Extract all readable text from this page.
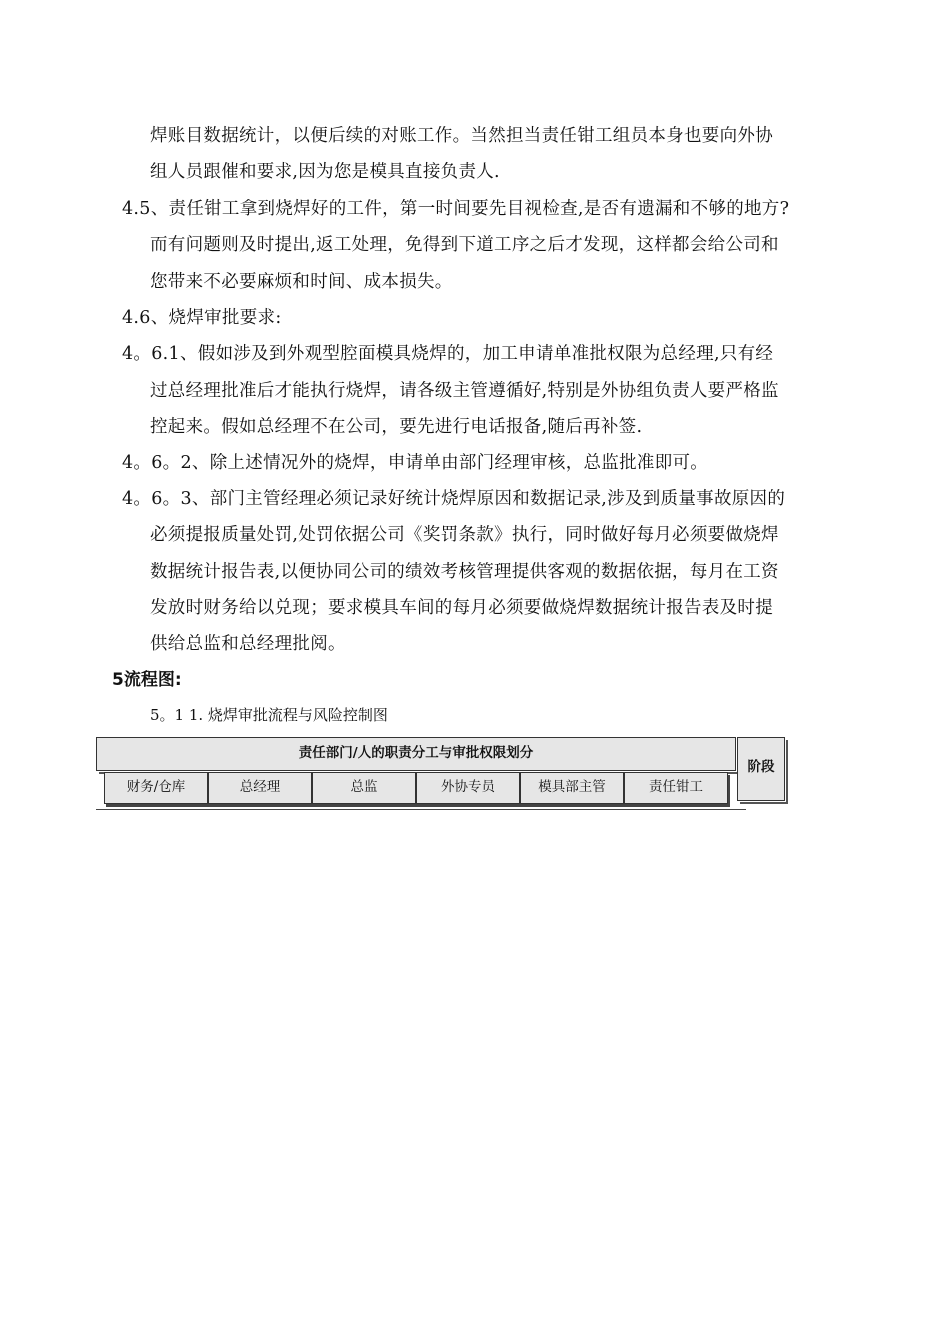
焊账目数据统计，以便后续的对账工作。当然担当责任钳工组员本身也要向外协
组人员跟催和要求,因为您是模具直接负责人.
4.5、责任钳工拿到烧焊好的工件，第一时间要先目视检查,是否有遗漏和不够的地方?
而有问题则及时提出,返工处理，免得到下道工序之后才发现，这样都会给公司和
您带来不必要麻烦和时间、成本损失。
4.6、烧焊审批要求:
4。6.1、假如涉及到外观型腔面模具烧焊的，加工申请单准批权限为总经理,只有经
过总经理批准后才能执行烧焊，请各级主管遵循好,特别是外协组负责人要严格监
控起来。假如总经理不在公司，要先进行电话报备,随后再补签.
4。6。2、除上述情况外的烧焊，申请单由部门经理审核，总监批准即可。
4。6。3、部门主管经理必须记录好统计烧焊原因和数据记录,涉及到质量事故原因的
必须提报质量处罚,处罚依据公司《奖罚条款》执行，同时做好每月必须要做烧焊
数据统计报告表,以便协同公司的绩效考核管理提供客观的数据依据，每月在工资
发放时财务给以兑现；要求模具车间的每月必须要做烧焊数据统计报告表及时提
供给总监和总经理批阅。
5流程图:
5。1 1. 烧焊审批流程与风险控制图
责任部门/人的职责分工与审批权限划分
阶段
财务/仓库	总经理	总监	外协专员	模具部主管	责任钳工
